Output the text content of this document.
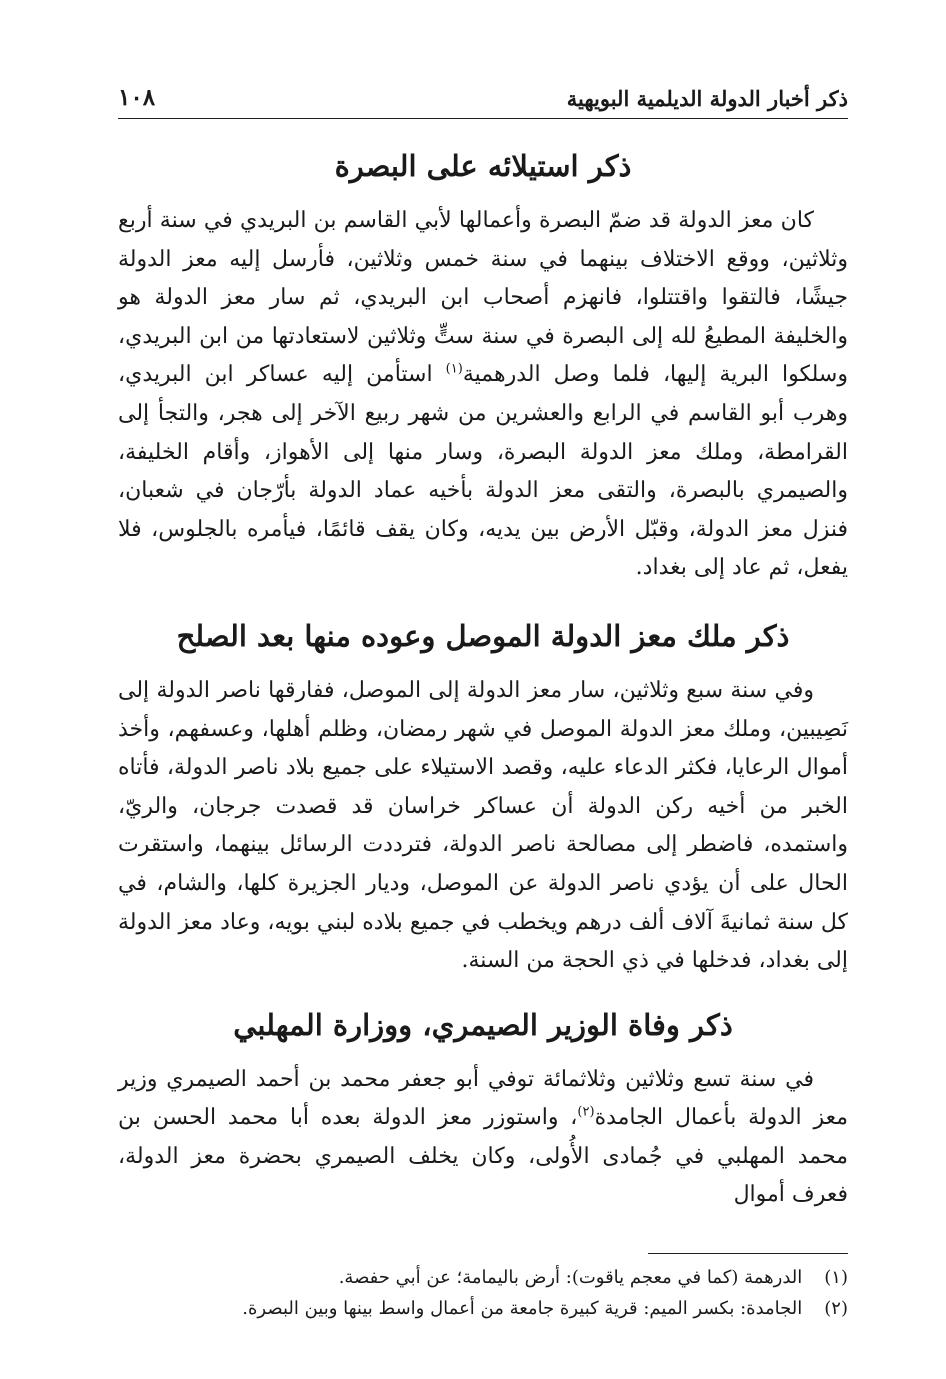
ذكر أخبار الدولة الديلمية البويهية
١٠٨
ذكر استيلائه على البصرة

كان معز الدولة قد ضمّ البصرة وأعمالها لأبي القاسم بن البريدي في سنة أربع وثلاثين، ووقع الاختلاف بينهما في سنة خمس وثلاثين، فأرسل إليه معز الدولة جيشًا، فالتقوا واقتتلوا، فانهزم أصحاب ابن البريدي، ثم سار معز الدولة هو والخليفة المطيعُ لله إلى البصرة في سنة ستٍّ وثلاثين لاستعادتها من ابن البريدي، وسلكوا البرية إليها، فلما وصل الدرهمية$^{(١)}$ استأمن إليه عساكر ابن البريدي، وهرب أبو القاسم في الرابع والعشرين من شهر ربيع الآخر إلى هجر، والتجأ إلى القرامطة، وملك معز الدولة البصرة، وسار منها إلى الأهواز، وأقام الخليفة، والصيمري بالبصرة، والتقى معز الدولة بأخيه عماد الدولة بأرّجان في شعبان، فنزل معز الدولة، وقبّل الأرض بين يديه، وكان يقف قائمًا، فيأمره بالجلوس، فلا يفعل، ثم عاد إلى بغداد.

ذكر ملك معز الدولة الموصل وعوده منها بعد الصلح

وفي سنة سبع وثلاثين، سار معز الدولة إلى الموصل، ففارقها ناصر الدولة إلى نَصِيبين، وملك معز الدولة الموصل في شهر رمضان، وظلم أهلها، وعسفهم، وأخذ أموال الرعايا، فكثر الدعاء عليه، وقصد الاستيلاء على جميع بلاد ناصر الدولة، فأتاه الخبر من أخيه ركن الدولة أن عساكر خراسان قد قصدت جرجان، والريّ، واستمده، فاضطر إلى مصالحة ناصر الدولة، فترددت الرسائل بينهما، واستقرت الحال على أن يؤدي ناصر الدولة عن الموصل، وديار الجزيرة كلها، والشام، في كل سنة ثمانيةَ آلاف ألف درهم ويخطب في جميع بلاده لبني بويه، وعاد معز الدولة إلى بغداد، فدخلها في ذي الحجة من السنة.

ذكر وفاة الوزير الصيمري، ووزارة المهلبي

في سنة تسع وثلاثين وثلاثمائة توفي أبو جعفر محمد بن أحمد الصيمري وزير معز الدولة بأعمال الجامدة$^{(٢)}$، واستوزر معز الدولة بعده أبا محمد الحسن بن محمد المهلبي في جُمادى الأُولى، وكان يخلف الصيمري بحضرة معز الدولة، فعرف أموال

(١)الدرهمة (كما في معجم ياقوت): أرض باليمامة؛ عن أبي حفصة.
(٢)الجامدة: بكسر الميم: قرية كبيرة جامعة من أعمال واسط بينها وبين البصرة.
